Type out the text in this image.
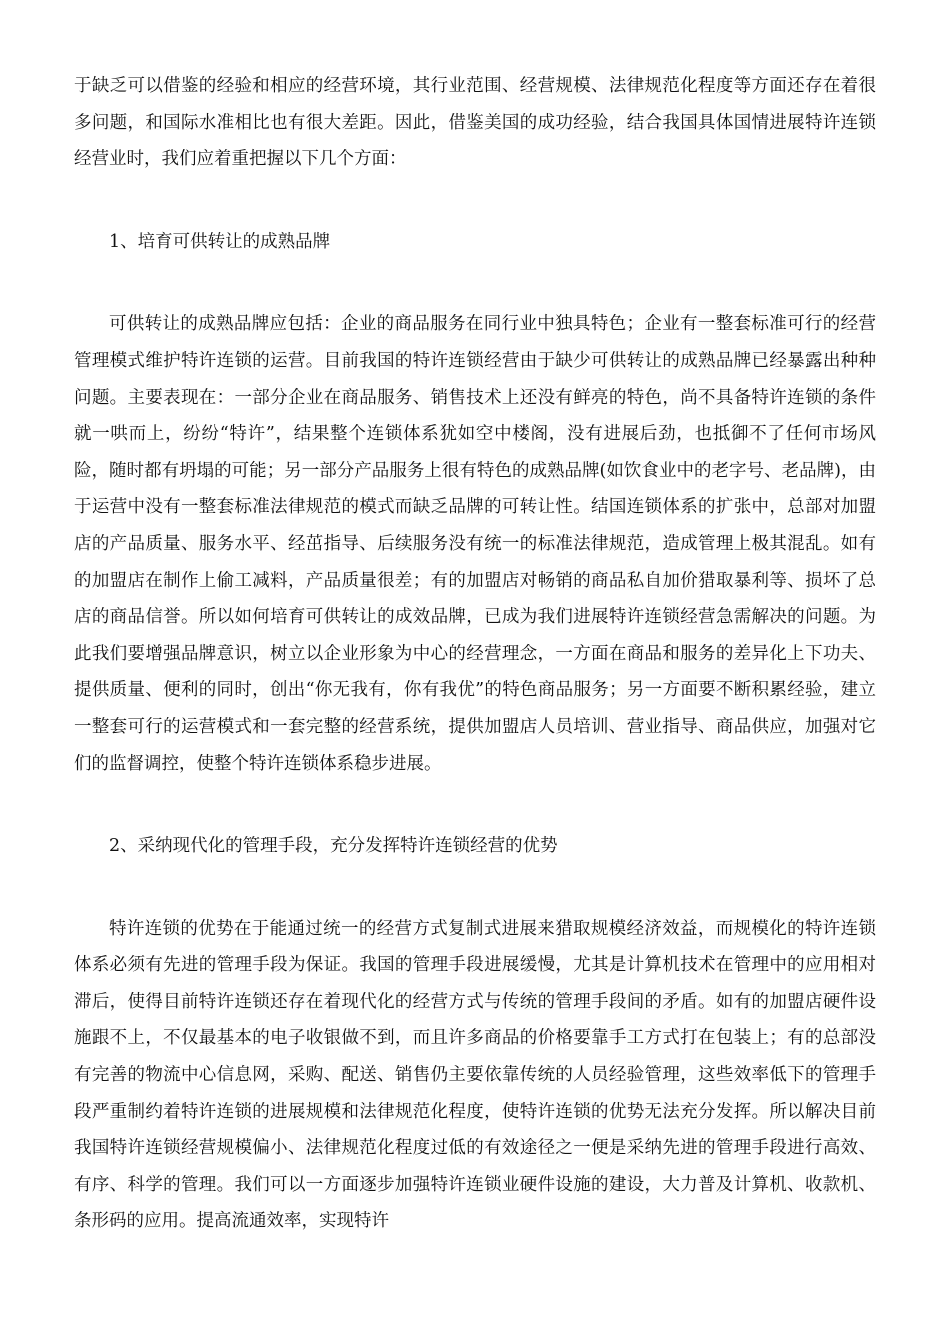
于缺乏可以借鉴的经验和相应的经营环境，其行业范围、经营规模、法律规范化程度等方面还存在着很多问题，和国际水准相比也有很大差距。因此，借鉴美国的成功经验，结合我国具体国情进展特许连锁经营业时，我们应着重把握以下几个方面：

1、培育可供转让的成熟品牌

可供转让的成熟品牌应包括：企业的商品服务在同行业中独具特色；企业有一整套标准可行的经营管理模式维护特许连锁的运营。目前我国的特许连锁经营由于缺少可供转让的成熟品牌已经暴露出种种问题。主要表现在：一部分企业在商品服务、销售技术上还没有鲜亮的特色，尚不具备特许连锁的条件就一哄而上，纷纷“特许”，结果整个连锁体系犹如空中楼阁，没有进展后劲，也抵御不了任何市场风险，随时都有坍塌的可能；另一部分产品服务上很有特色的成熟品牌(如饮食业中的老字号、老品牌)，由于运营中没有一整套标准法律规范的模式而缺乏品牌的可转让性。结国连锁体系的扩张中，总部对加盟店的产品质量、服务水平、经茁指导、后续服务没有统一的标准法律规范，造成管理上极其混乱。如有的加盟店在制作上偷工减料，产品质量很差；有的加盟店对畅销的商品私自加价猎取暴利等、损坏了总店的商品信誉。所以如何培育可供转让的成效品牌，已成为我们进展特许连锁经营急需解决的问题。为此我们要增强品牌意识，树立以企业形象为中心的经营理念，一方面在商品和服务的差异化上下功夫、提供质量、便利的同时，创出“你无我有，你有我优”的特色商品服务；另一方面要不断积累经验，建立一整套可行的运营模式和一套完整的经营系统，提供加盟店人员培训、营业指导、商品供应，加强对它们的监督调控，使整个特许连锁体系稳步进展。

2、采纳现代化的管理手段，充分发挥特许连锁经营的优势

特许连锁的优势在于能通过统一的经营方式复制式进展来猎取规模经济效益，而规模化的特许连锁体系必须有先进的管理手段为保证。我国的管理手段进展缓慢，尤其是计算机技术在管理中的应用相对滞后，使得目前特许连锁还存在着现代化的经营方式与传统的管理手段间的矛盾。如有的加盟店硬件设施跟不上，不仅最基本的电子收银做不到，而且许多商品的价格要靠手工方式打在包装上；有的总部没有完善的物流中心信息网，采购、配送、销售仍主要依靠传统的人员经验管理，这些效率低下的管理手段严重制约着特许连锁的进展规模和法律规范化程度，使特许连锁的优势无法充分发挥。所以解决目前我国特许连锁经营规模偏小、法律规范化程度过低的有效途径之一便是采纳先进的管理手段进行高效、有序、科学的管理。我们可以一方面逐步加强特许连锁业硬件设施的建设，大力普及计算机、收款机、条形码的应用。提高流通效率，实现特许
